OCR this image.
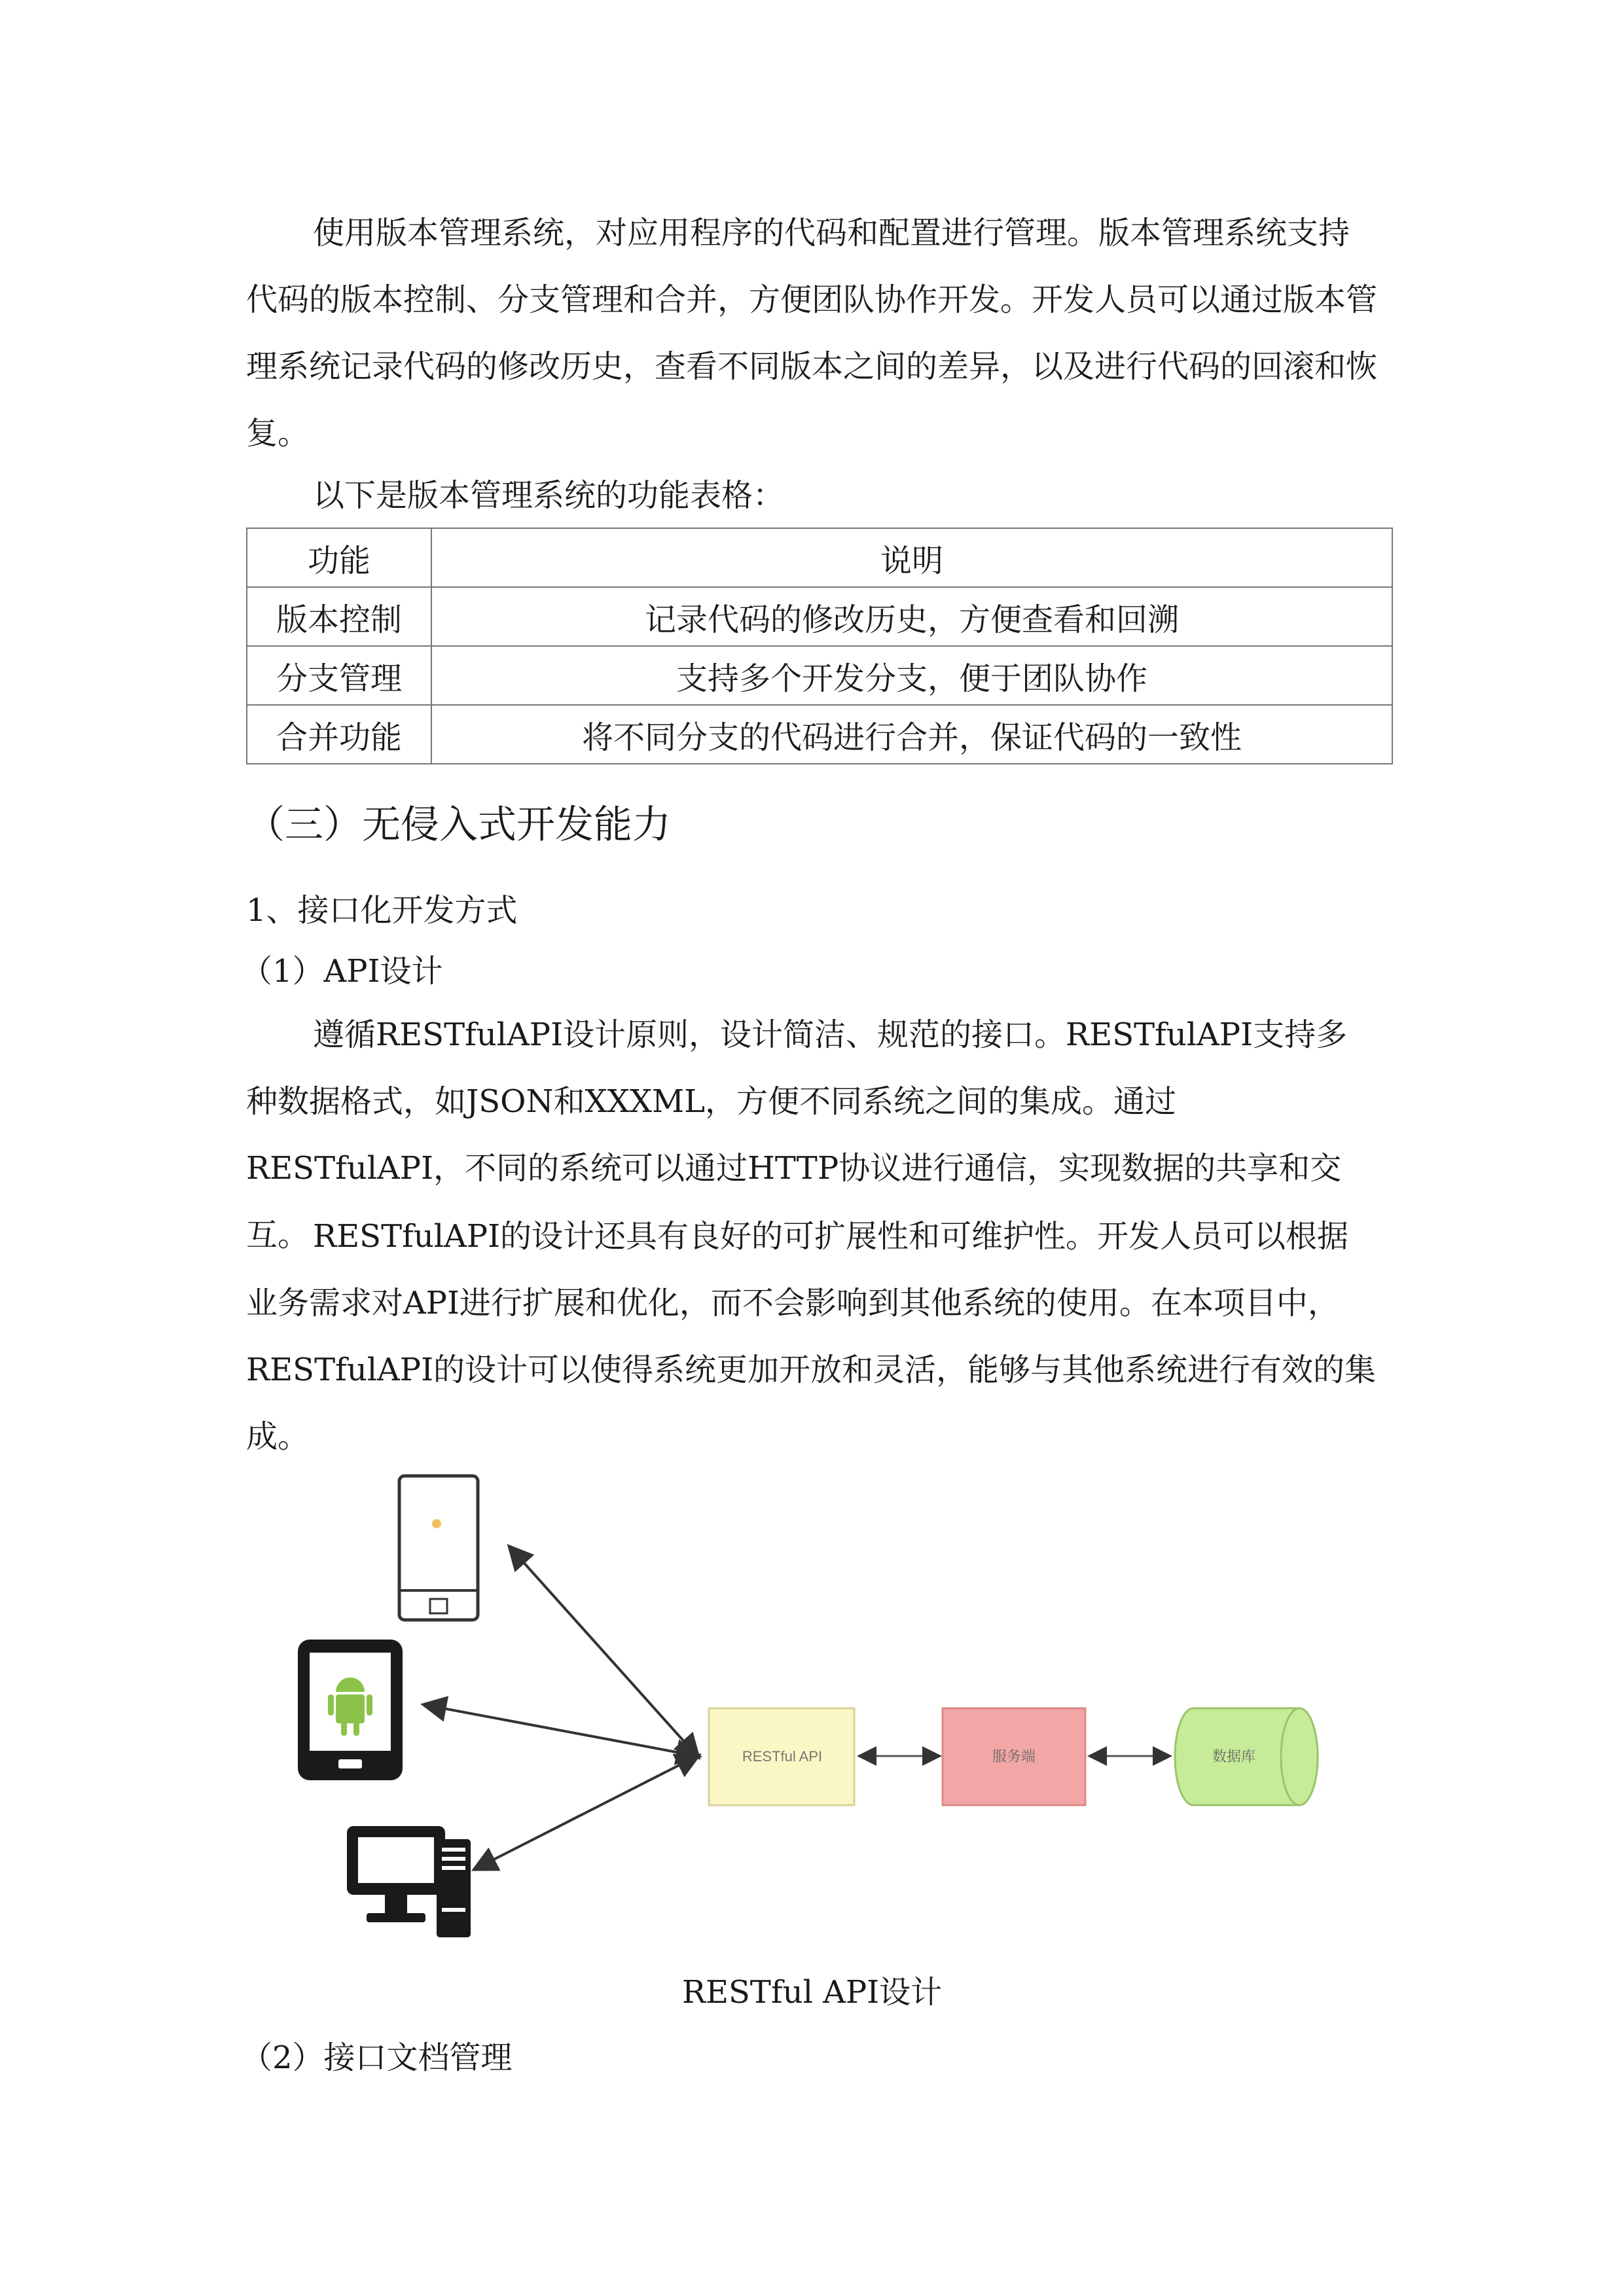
使用版本管理系统，对应用程序的代码和配置进行管理。版本管理系统支持代码的版本控制、分支管理和合并，方便团队协作开发。开发人员可以通过版本管理系统记录代码的修改历史，查看不同版本之间的差异，以及进行代码的回滚和恢复。

以下是版本管理系统的功能表格：

功能	说明
版本控制	记录代码的修改历史，方便查看和回溯
分支管理	支持多个开发分支，便于团队协作
合并功能	将不同分支的代码进行合并，保证代码的一致性
（三）无侵入式开发能力

1、接口化开发方式

（1）API设计

遵循RESTfulAPI设计原则，设计简洁、规范的接口。RESTfulAPI支持多种数据格式，如JSON和XXXML，方便不同系统之间的集成。通过RESTfulAPI，不同的系统可以通过HTTP协议进行通信，实现数据的共享和交互。 RESTfulAPI的设计还具有良好的可扩展性和可维护性。开发人员可以根据业务需求对API进行扩展和优化，而不会影响到其他系统的使用。在本项目中，RESTfulAPI的设计可以使得系统更加开放和灵活，能够与其他系统进行有效的集成。

RESTful API	服务端	数据库
RESTful API设计

（2）接口文档管理
